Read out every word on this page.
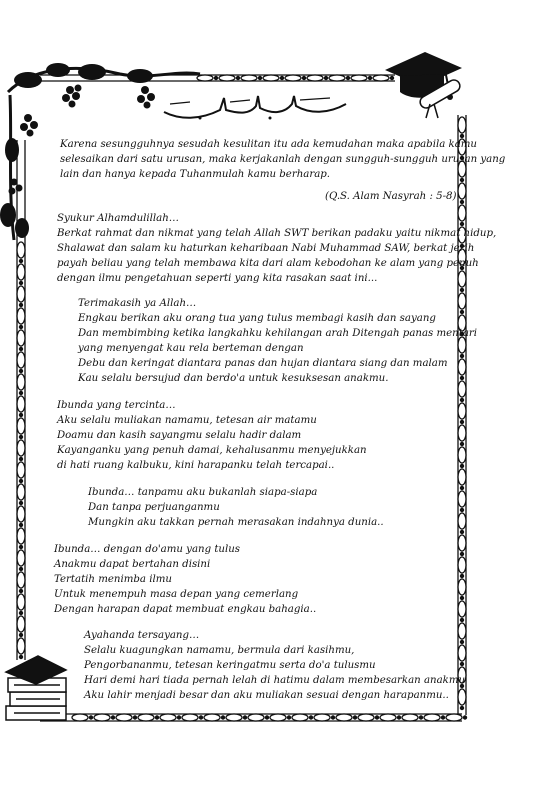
Karena sesungguhnya sesudah kesulitan itu ada kemudahan maka apabila kamu
selesaikan dari satu urusan, maka kerjakanlah dengan sungguh-sungguh urusan yang
lain dan hanya kepada Tuhanmulah kamu berharap.
(Q.S. Alam Nasyrah : 5-8)
Syukur Alhamdulillah…
Berkat rahmat dan nikmat yang telah Allah SWT berikan padaku yaitu nikmat hidup,
Shalawat dan salam ku haturkan keharibaan Nabi Muhammad SAW, berkat jerih
payah beliau yang telah membawa kita dari alam kebodohan ke alam yang penuh
dengan ilmu pengetahuan seperti yang kita rasakan saat ini...
Terimakasih ya Allah…
Engkau berikan aku orang tua yang tulus membagi kasih dan sayang
Dan membimbing ketika langkahku kehilangan arah Ditengah panas mentari
yang menyengat kau rela berteman dengan
Debu dan keringat diantara panas dan hujan diantara siang dan malam
Kau selalu bersujud dan berdo'a untuk kesuksesan anakmu.
Ibunda yang tercinta…
Aku selalu muliakan namamu, tetesan air matamu
Doamu dan kasih sayangmu selalu hadir dalam
Kayanganku yang penuh damai, kehalusanmu menyejukkan
di hati ruang kalbuku, kini harapanku telah tercapai..
Ibunda… tanpamu aku bukanlah siapa-siapa
Dan tanpa perjuanganmu
Mungkin aku takkan pernah merasakan indahnya dunia..
Ibunda… dengan do'amu yang tulus
Anakmu dapat bertahan disini
Tertatih menimba ilmu
Untuk menempuh masa depan yang cemerlang
Dengan harapan dapat membuat engkau bahagia..
Ayahanda tersayang…
Selalu kuagungkan namamu, bermula dari kasihmu,
Pengorbananmu, tetesan keringatmu serta do'a tulusmu
Hari demi hari tiada pernah lelah di hatimu dalam membesarkan anakmu
Aku lahir menjadi besar dan aku muliakan sesuai dengan harapanmu..
